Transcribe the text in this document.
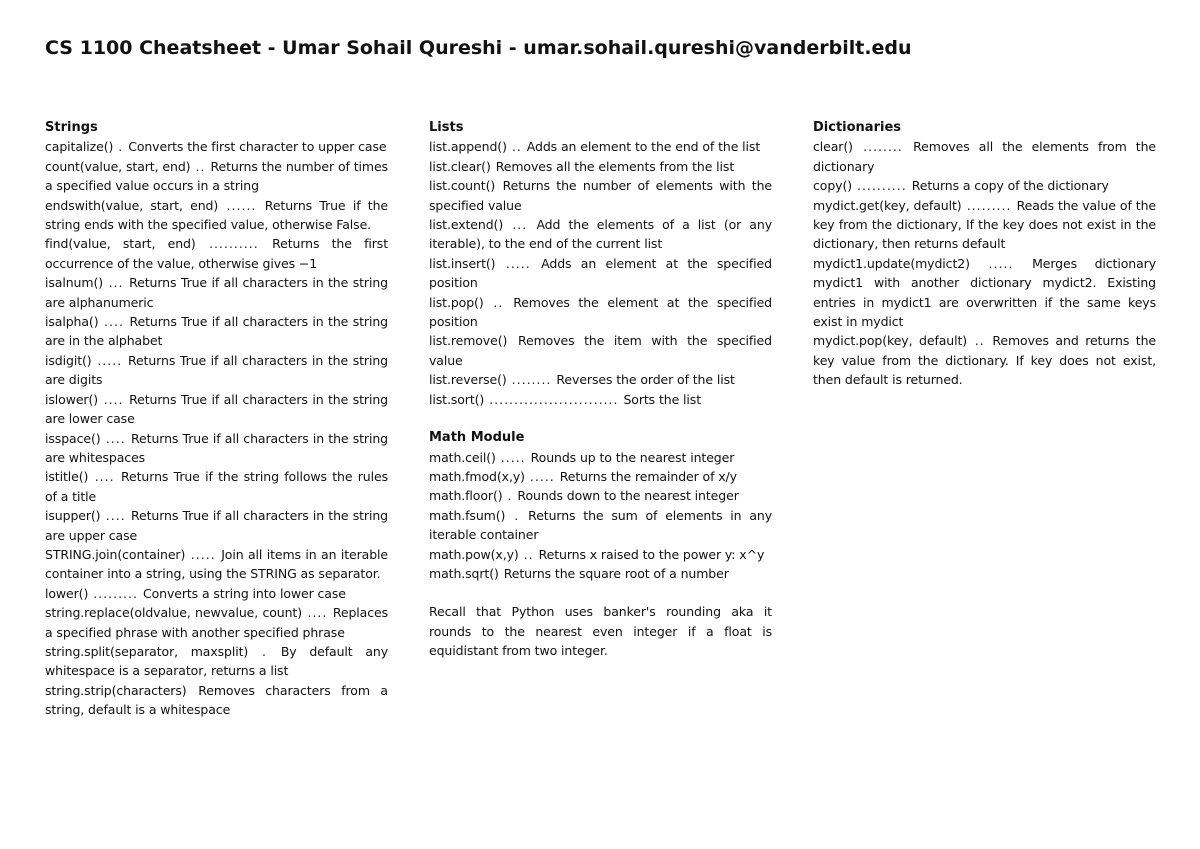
CS 1100 Cheatsheet - Umar Sohail Qureshi - umar.sohail.qureshi@vanderbilt.edu
Strings
capitalize() . Converts the first character to upper case
count(value, start, end) .. Returns the number of times a specified value occurs in a string
endswith(value, start, end) ...... Returns True if the string ends with the specified value, otherwise False.
find(value, start, end) .......... Returns the first occurrence of the value, otherwise gives −1
isalnum() ... Returns True if all characters in the string are alphanumeric
isalpha() .... Returns True if all characters in the string are in the alphabet
isdigit() ..... Returns True if all characters in the string are digits
islower() .... Returns True if all characters in the string are lower case
isspace() .... Returns True if all characters in the string are whitespaces
istitle() .... Returns True if the string follows the rules of a title
isupper() .... Returns True if all characters in the string are upper case
STRING.join(container) ..... Join all items in an iterable container into a string, using the STRING as separator.
lower() ......... Converts a string into lower case
string.replace(oldvalue, newvalue, count) .... Replaces a specified phrase with another specified phrase
string.split(separator, maxsplit) . By default any whitespace is a separator, returns a list
string.strip(characters) Removes characters from a string, default is a whitespace
Lists
list.append() .. Adds an element to the end of the list
list.clear() Removes all the elements from the list
list.count() Returns the number of elements with the specified value
list.extend() ... Add the elements of a list (or any iterable), to the end of the current list
list.insert() ..... Adds an element at the specified position
list.pop() .. Removes the element at the specified position
list.remove() Removes the item with the specified value
list.reverse() ........ Reverses the order of the list
list.sort() .......................... Sorts the list
Math Module
math.ceil() ..... Rounds up to the nearest integer
math.fmod(x,y) ..... Returns the remainder of x/y
math.floor() . Rounds down to the nearest integer
math.fsum() . Returns the sum of elements in any iterable container
math.pow(x,y) .. Returns x raised to the power y: x^y
math.sqrt() Returns the square root of a number
Recall that Python uses banker's rounding aka it rounds to the nearest even integer if a float is equidistant from two integer.
Dictionaries
clear() ........ Removes all the elements from the dictionary
copy() .......... Returns a copy of the dictionary
mydict.get(key, default) ......... Reads the value of the key from the dictionary, If the key does not exist in the dictionary, then returns default
mydict1.update(mydict2) ..... Merges dictionary mydict1 with another dictionary mydict2. Existing entries in mydict1 are overwritten if the same keys exist in mydict
mydict.pop(key, default) .. Removes and returns the key value from the dictionary. If key does not exist, then default is returned.
